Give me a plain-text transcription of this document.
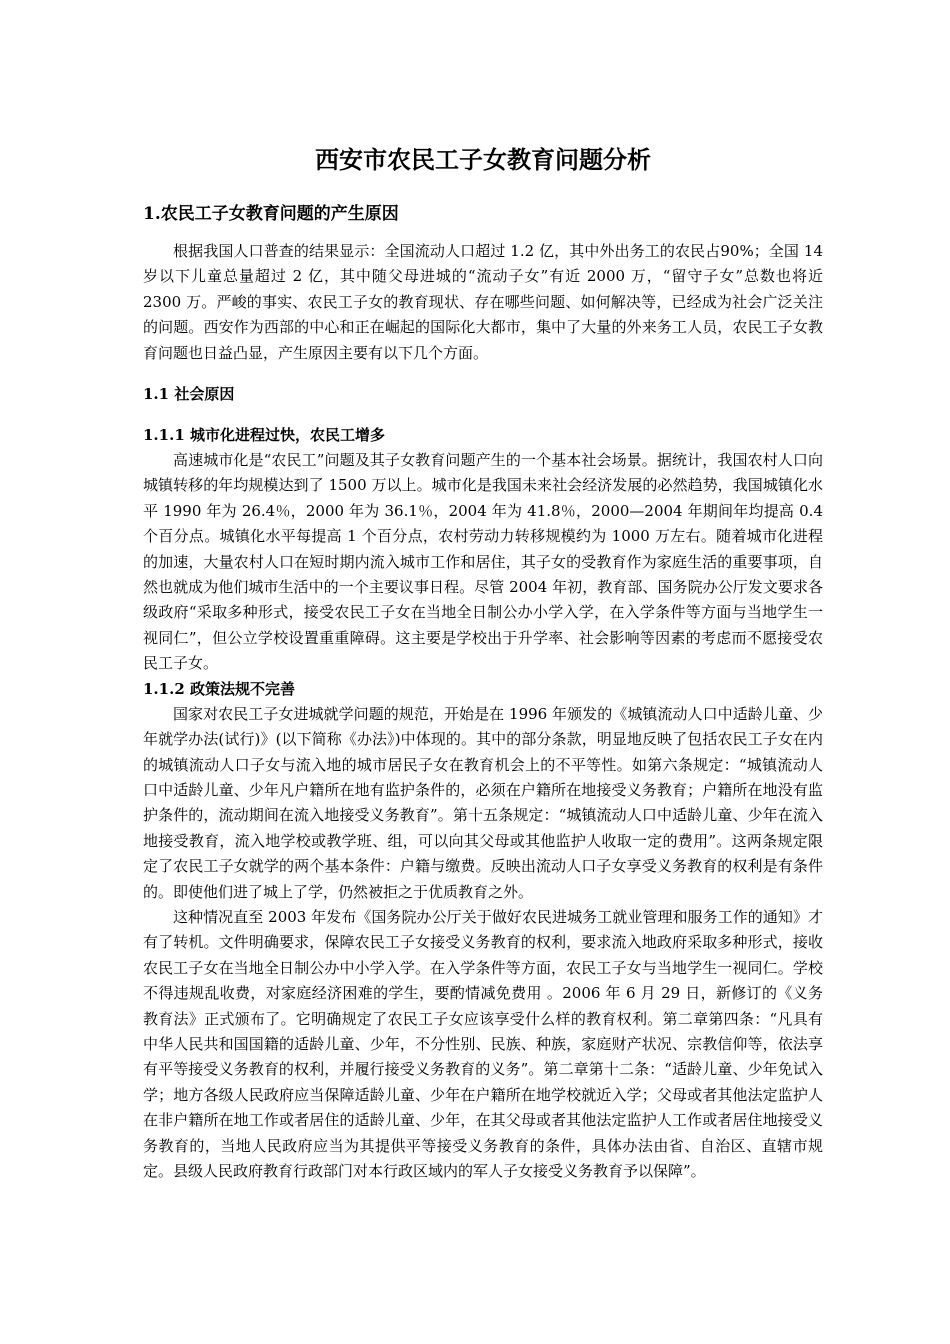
西安市农民工子女教育问题分析
1.农民工子女教育问题的产生原因

根据我国人口普查的结果显示：全国流动人口超过 1.2 亿，其中外出务工的农民占90%；全国 14 岁以下儿童总量超过 2 亿，其中随父母进城的“流动子女”有近 2000 万，“留守子女”总数也将近 2300 万。严峻的事实、农民工子女的教育现状、存在哪些问题、如何解决等，已经成为社会广泛关注的问题。西安作为西部的中心和正在崛起的国际化大都市，集中了大量的外来务工人员，农民工子女教育问题也日益凸显，产生原因主要有以下几个方面。

1.1 社会原因
1.1.1 城市化进程过快，农民工增多

高速城市化是“农民工”问题及其子女教育问题产生的一个基本社会场景。据统计，我国农村人口向城镇转移的年均规模达到了 1500 万以上。城市化是我国未来社会经济发展的必然趋势，我国城镇化水平 1990 年为 26.4％，2000 年为 36.1％，2004 年为 41.8％，2000—2004 年期间年均提高 0.4 个百分点。城镇化水平每提高 1 个百分点，农村劳动力转移规模约为 1000 万左右。随着城市化进程的加速，大量农村人口在短时期内流入城市工作和居住，其子女的受教育作为家庭生活的重要事项，自然也就成为他们城市生活中的一个主要议事日程。尽管 2004 年初，教育部、国务院办公厅发文要求各级政府“采取多种形式，接受农民工子女在当地全日制公办小学入学，在入学条件等方面与当地学生一视同仁”，但公立学校设置重重障碍。这主要是学校出于升学率、社会影响等因素的考虑而不愿接受农民工子女。

1.1.2 政策法规不完善

国家对农民工子女进城就学问题的规范，开始是在 1996 年颁发的《城镇流动人口中适龄儿童、少年就学办法(试行)》(以下简称《办法》)中体现的。其中的部分条款，明显地反映了包括农民工子女在内的城镇流动人口子女与流入地的城市居民子女在教育机会上的不平等性。如第六条规定：“城镇流动人口中适龄儿童、少年凡户籍所在地有监护条件的，必须在户籍所在地接受义务教育；户籍所在地没有监护条件的，流动期间在流入地接受义务教育”。第十五条规定：“城镇流动人口中适龄儿童、少年在流入地接受教育，流入地学校或教学班、组，可以向其父母或其他监护人收取一定的费用”。这两条规定限定了农民工子女就学的两个基本条件：户籍与缴费。反映出流动人口子女享受义务教育的权利是有条件的。即使他们进了城上了学，仍然被拒之于优质教育之外。

这种情况直至 2003 年发布《国务院办公厅关于做好农民进城务工就业管理和服务工作的通知》才有了转机。文件明确要求，保障农民工子女接受义务教育的权利，要求流入地政府采取多种形式，接收农民工子女在当地全日制公办中小学入学。在入学条件等方面，农民工子女与当地学生一视同仁。学校不得违规乱收费，对家庭经济困难的学生，要酌情减免费用 。2006 年 6 月 29 日，新修订的《义务教育法》正式颁布了。它明确规定了农民工子女应该享受什么样的教育权利。第二章第四条：“凡具有中华人民共和国国籍的适龄儿童、少年，不分性别、民族、种族，家庭财产状况、宗教信仰等，依法享有平等接受义务教育的权利，并履行接受义务教育的义务”。第二章第十二条：“适龄儿童、少年免试入学；地方各级人民政府应当保障适龄儿童、少年在户籍所在地学校就近入学；父母或者其他法定监护人在非户籍所在地工作或者居住的适龄儿童、少年，在其父母或者其他法定监护人工作或者居住地接受义务教育的，当地人民政府应当为其提供平等接受义务教育的条件，具体办法由省、自治区、直辖市规定。县级人民政府教育行政部门对本行政区域内的军人子女接受义务教育予以保障”。
